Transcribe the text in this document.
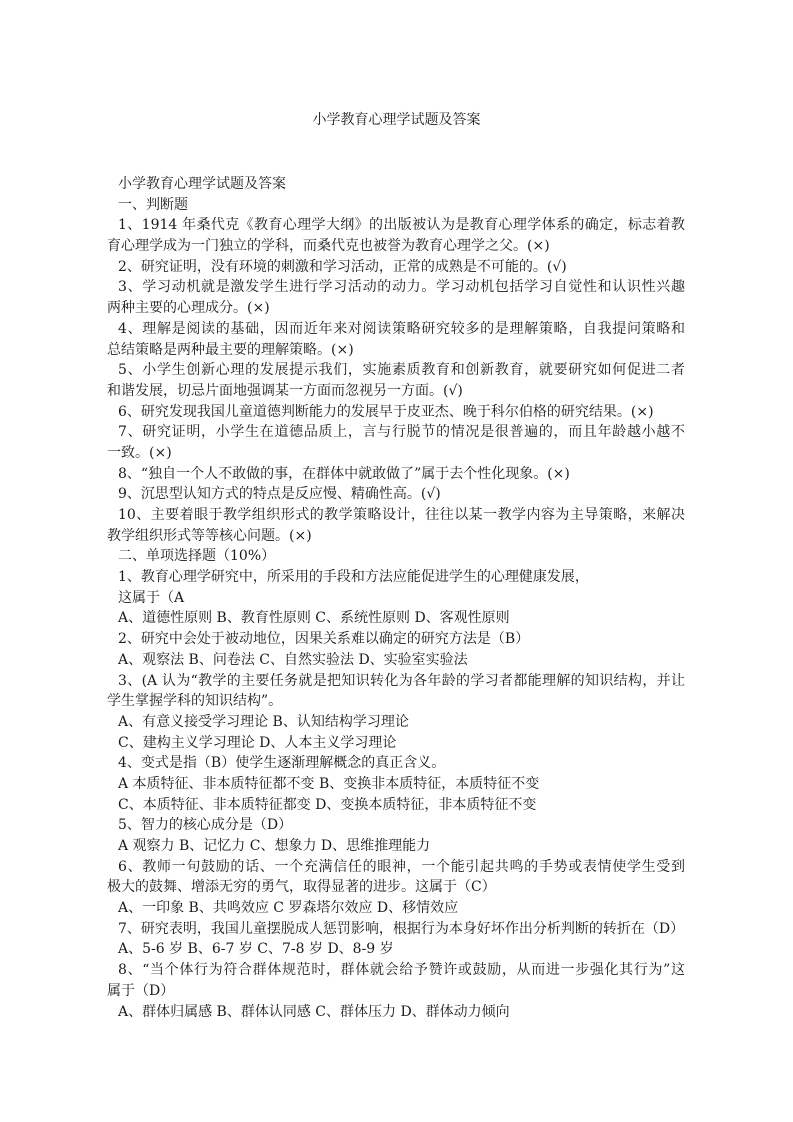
小学教育心理学试题及答案
小学教育心理学试题及答案
一、判断题
1、1914 年桑代克《教育心理学大纲》的出版被认为是教育心理学体系的确定，标志着教
育心理学成为一门独立的学科，而桑代克也被誉为教育心理学之父。(×)
2、研究证明，没有环境的刺激和学习活动，正常的成熟是不可能的。(√)
3、学习动机就是激发学生进行学习活动的动力。学习动机包括学习自觉性和认识性兴趣
两种主要的心理成分。(×)
4、理解是阅读的基础，因而近年来对阅读策略研究较多的是理解策略，自我提问策略和
总结策略是两种最主要的理解策略。(×)
5、小学生创新心理的发展提示我们，实施素质教育和创新教育，就要研究如何促进二者
和谐发展，切忌片面地强调某一方面而忽视另一方面。(√)
6、研究发现我国儿童道德判断能力的发展早于皮亚杰、晚于科尔伯格的研究结果。(×)
7、研究证明，小学生在道德品质上，言与行脱节的情况是很普遍的，而且年龄越小越不
一致。(×)
8、“独自一个人不敢做的事，在群体中就敢做了”属于去个性化现象。(×)
9、沉思型认知方式的特点是反应慢、精确性高。(√)
10、主要着眼于教学组织形式的教学策略设计，往往以某一教学内容为主导策略，来解决
教学组织形式等等核心问题。(×)
二、单项选择题（10%）
1、教育心理学研究中，所采用的手段和方法应能促进学生的心理健康发展，
这属于（A
A、道德性原则 B、教育性原则 C、系统性原则 D、客观性原则
2、研究中会处于被动地位，因果关系难以确定的研究方法是（B）
A、观察法 B、问卷法 C、自然实验法 D、实验室实验法
3、(A 认为“教学的主要任务就是把知识转化为各年龄的学习者都能理解的知识结构，并让
学生掌握学科的知识结构”。
A、有意义接受学习理论 B、认知结构学习理论
C、建构主义学习理论 D、人本主义学习理论
4、变式是指（B）使学生逐渐理解概念的真正含义。
A 本质特征、非本质特征都不变 B、变换非本质特征，本质特征不变
C、本质特征、非本质特征都变 D、变换本质特征，非本质特征不变
5、智力的核心成分是（D）
A 观察力 B、记忆力 C、想象力 D、思维推理能力
6、教师一句鼓励的话、一个充满信任的眼神，一个能引起共鸣的手势或表情使学生受到
极大的鼓舞、增添无穷的勇气，取得显著的进步。这属于（C）
A、一印象 B、共鸣效应 C 罗森塔尔效应 D、移情效应
7、研究表明，我国儿童摆脱成人惩罚影响，根据行为本身好坏作出分析判断的转折在（D）
A、5-6 岁 B、6-7 岁 C、7-8 岁 D、8-9 岁
8、“当个体行为符合群体规范时，群体就会给予赞许或鼓励，从而进一步强化其行为”这
属于（D）
A、群体归属感 B、群体认同感 C、群体压力 D、群体动力倾向
